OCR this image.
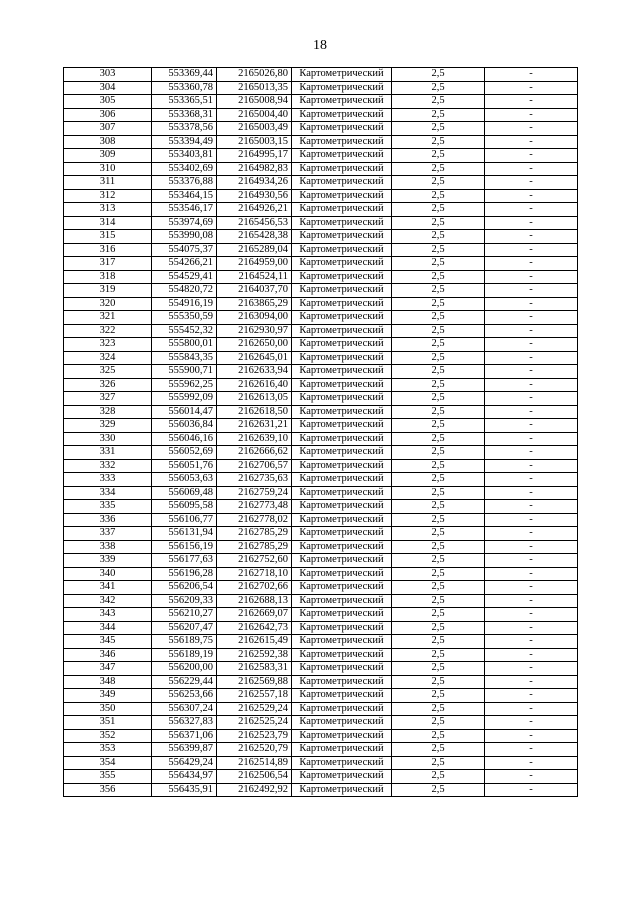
18
303	553369,44	2165026,80	Картометрический	2,5	-
304	553360,78	2165013,35	Картометрический	2,5	-
305	553365,51	2165008,94	Картометрический	2,5	-
306	553368,31	2165004,40	Картометрический	2,5	-
307	553378,56	2165003,49	Картометрический	2,5	-
308	553394,49	2165003,15	Картометрический	2,5	-
309	553403,81	2164995,17	Картометрический	2,5	-
310	553402,69	2164982,83	Картометрический	2,5	-
311	553376,88	2164934,26	Картометрический	2,5	-
312	553464,15	2164930,56	Картометрический	2,5	-
313	553546,17	2164926,21	Картометрический	2,5	-
314	553974,69	2165456,53	Картометрический	2,5	-
315	553990,08	2165428,38	Картометрический	2,5	-
316	554075,37	2165289,04	Картометрический	2,5	-
317	554266,21	2164959,00	Картометрический	2,5	-
318	554529,41	2164524,11	Картометрический	2,5	-
319	554820,72	2164037,70	Картометрический	2,5	-
320	554916,19	2163865,29	Картометрический	2,5	-
321	555350,59	2163094,00	Картометрический	2,5	-
322	555452,32	2162930,97	Картометрический	2,5	-
323	555800,01	2162650,00	Картометрический	2,5	-
324	555843,35	2162645,01	Картометрический	2,5	-
325	555900,71	2162633,94	Картометрический	2,5	-
326	555962,25	2162616,40	Картометрический	2,5	-
327	555992,09	2162613,05	Картометрический	2,5	-
328	556014,47	2162618,50	Картометрический	2,5	-
329	556036,84	2162631,21	Картометрический	2,5	-
330	556046,16	2162639,10	Картометрический	2,5	-
331	556052,69	2162666,62	Картометрический	2,5	-
332	556051,76	2162706,57	Картометрический	2,5	-
333	556053,63	2162735,63	Картометрический	2,5	-
334	556069,48	2162759,24	Картометрический	2,5	-
335	556095,58	2162773,48	Картометрический	2,5	-
336	556106,77	2162778,02	Картометрический	2,5	-
337	556131,94	2162785,29	Картометрический	2,5	-
338	556156,19	2162785,29	Картометрический	2,5	-
339	556177,63	2162752,60	Картометрический	2,5	-
340	556196,28	2162718,10	Картометрический	2,5	-
341	556206,54	2162702,66	Картометрический	2,5	-
342	556209,33	2162688,13	Картометрический	2,5	-
343	556210,27	2162669,07	Картометрический	2,5	-
344	556207,47	2162642,73	Картометрический	2,5	-
345	556189,75	2162615,49	Картометрический	2,5	-
346	556189,19	2162592,38	Картометрический	2,5	-
347	556200,00	2162583,31	Картометрический	2,5	-
348	556229,44	2162569,88	Картометрический	2,5	-
349	556253,66	2162557,18	Картометрический	2,5	-
350	556307,24	2162529,24	Картометрический	2,5	-
351	556327,83	2162525,24	Картометрический	2,5	-
352	556371,06	2162523,79	Картометрический	2,5	-
353	556399,87	2162520,79	Картометрический	2,5	-
354	556429,24	2162514,89	Картометрический	2,5	-
355	556434,97	2162506,54	Картометрический	2,5	-
356	556435,91	2162492,92	Картометрический	2,5	-
